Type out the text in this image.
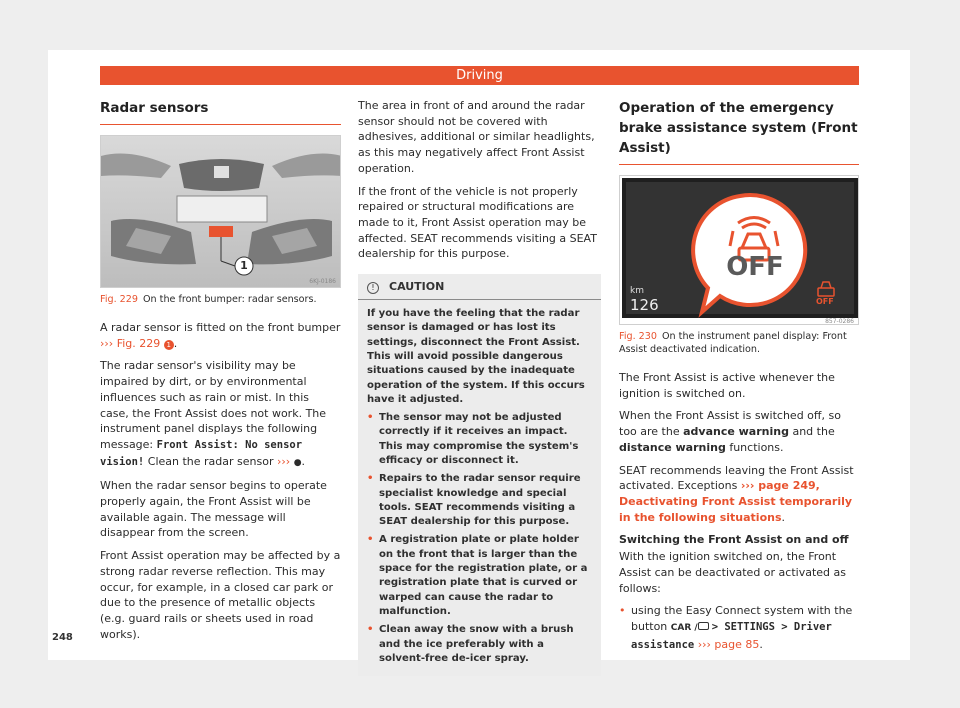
Driving
Radar sensors
1
6KJ-0186
Fig. 229 On the front bumper: radar sensors.

A radar sensor is fitted on the front bumper ››› Fig. 229 1 .

The radar sensor's visibility may be impaired by dirt, or by environmental influences such as rain or mist. In this case, the Front Assist does not work. The instrument panel displays the following message: Front Assist: No sensor vision! Clean the radar sensor ››› ●.

When the radar sensor begins to operate properly again, the Front Assist will be available again. The message will disappear from the screen.

Front Assist operation may be affected by a strong radar reverse reflection. This may occur, for example, in a closed car park or due to the presence of metallic objects (e.g. guard rails or sheets used in road works).

The area in front of and around the radar sensor should not be covered with adhesives, additional or similar headlights, as this may negatively affect Front Assist operation.

If the front of the vehicle is not properly repaired or structural modifications are made to it, Front Assist operation may be affected. SEAT recommends visiting a SEAT dealership for this purpose.

! CAUTION
If you have the feeling that the radar sensor is damaged or has lost its settings, disconnect the Front Assist. This will avoid possible dangerous situations caused by the inadequate operation of the system. If this occurs have it adjusted.
• The sensor may not be adjusted correctly if it receives an impact. This may compromise the system's efficacy or disconnect it.
• Repairs to the radar sensor require specialist knowledge and special tools. SEAT recommends visiting a SEAT dealership for this purpose.
• A registration plate or plate holder on the front that is larger than the space for the registration plate, or a registration plate that is curved or warped can cause the radar to malfunction.
• Clean away the snow with a brush and the ice preferably with a solvent-free de-icer spray.
Operation of the emergency brake assistance system (Front Assist)
OFF
km
126	OFF
857-0286
Fig. 230 On the instrument panel display: Front Assist deactivated indication.

The Front Assist is active whenever the ignition is switched on.

When the Front Assist is switched off, so too are the advance warning and the distance warning functions.

SEAT recommends leaving the Front Assist activated. Exceptions ››› page 249, Deactivating Front Assist temporarily in the following situations.

Switching the Front Assist on and off

With the ignition switched on, the Front Assist can be deactivated or activated as follows:

• using the Easy Connect system with the button CAR /> SETTINGS > Driver assistance ››› page 85.

248
